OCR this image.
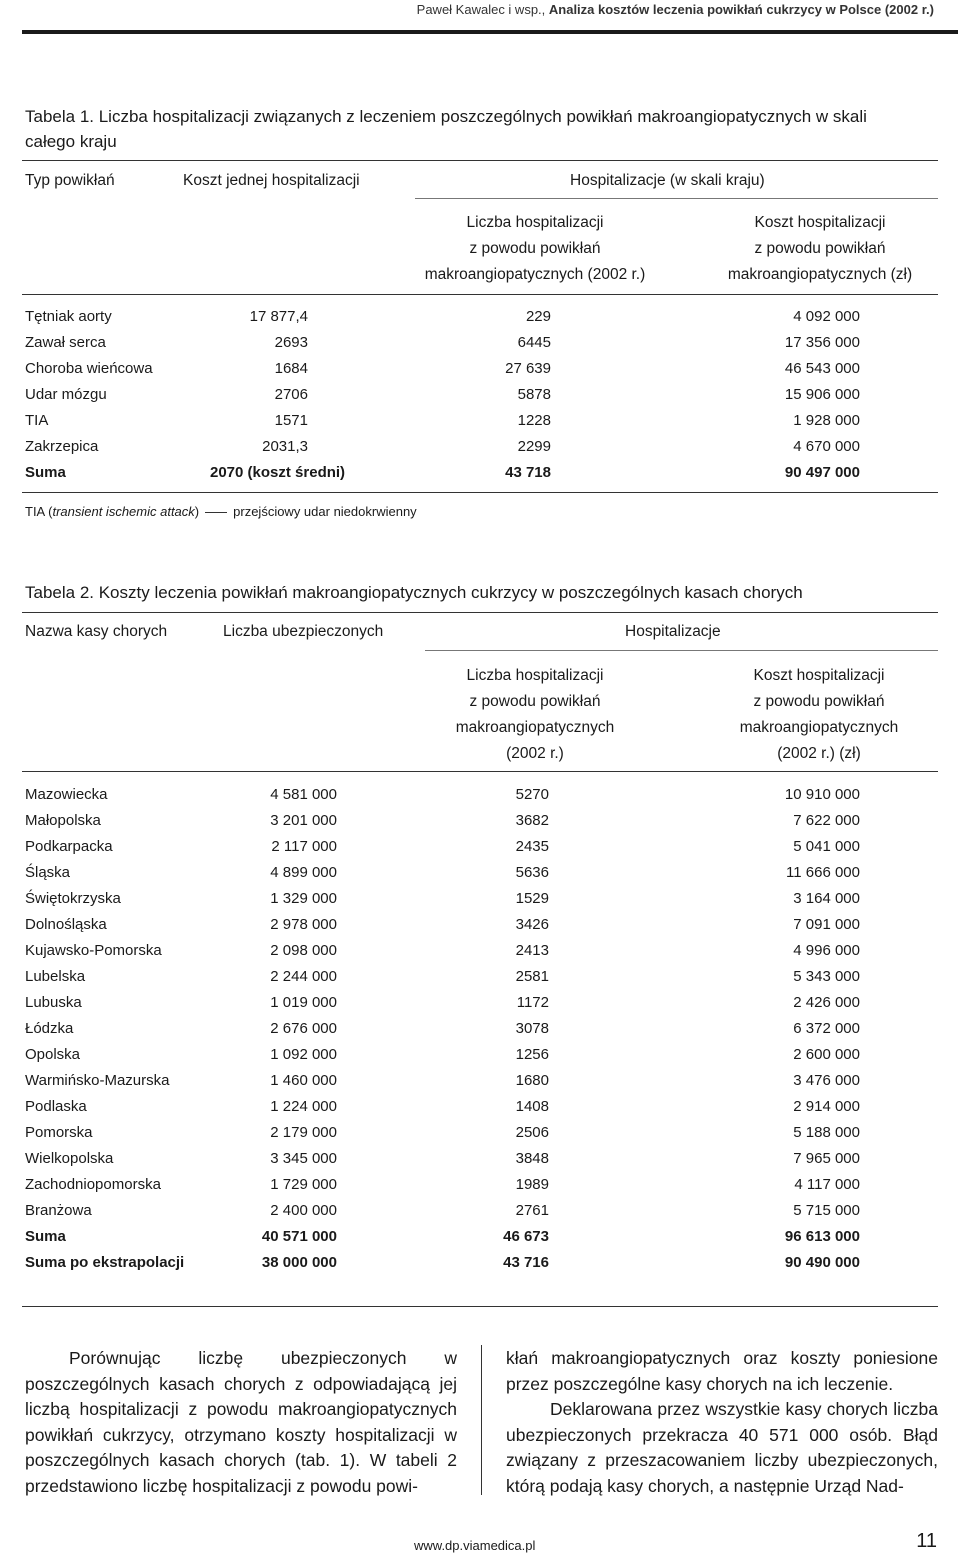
Paweł Kawalec i wsp., Analiza kosztów leczenia powikłań cukrzycy w Polsce (2002 r.)
Tabela 1. Liczba hospitalizacji związanych z leczeniem poszczególnych powikłań makroangiopatycznych w skali
całego kraju
Typ powikłań	Koszt jednej hospitalizacji	Hospitalizacje (w skali kraju)
Liczba hospitalizacji
z powodu powikłań
makroangiopatycznych (2002 r.)
Koszt hospitalizacji
z powodu powikłań
makroangiopatycznych (zł)
Tętniak aorty	17 877,4	229	4 092 000
Zawał serca	2693	6445	17 356 000
Choroba wieńcowa	1684	27 639	46 543 000
Udar mózgu	2706	5878	15 906 000
TIA	1571	1228	1 928 000
Zakrzepica	2031,3	2299	4 670 000
Suma	2070 (koszt średni)	43 718	90 497 000
TIA (transient ischemic attack)	przejściowy udar niedokrwienny
Tabela 2. Koszty leczenia powikłań makroangiopatycznych cukrzycy w poszczególnych kasach chorych
Nazwa kasy chorych	Liczba ubezpieczonych	Hospitalizacje
Liczba hospitalizacji
z powodu powikłań
makroangiopatycznych
(2002 r.)
Koszt hospitalizacji
z powodu powikłań
makroangiopatycznych
(2002 r.) (zł)
Mazowiecka	4 581 000	5270	10 910 000
Małopolska	3 201 000	3682	7 622 000
Podkarpacka	2 117 000	2435	5 041 000
Śląska	4 899 000	5636	11 666 000
Świętokrzyska	1 329 000	1529	3 164 000
Dolnośląska	2 978 000	3426	7 091 000
Kujawsko-Pomorska	2 098 000	2413	4 996 000
Lubelska	2 244 000	2581	5 343 000
Lubuska	1 019 000	1172	2 426 000
Łódzka	2 676 000	3078	6 372 000
Opolska	1 092 000	1256	2 600 000
Warmińsko-Mazurska	1 460 000	1680	3 476 000
Podlaska	1 224 000	1408	2 914 000
Pomorska	2 179 000	2506	5 188 000
Wielkopolska	3 345 000	3848	7 965 000
Zachodniopomorska	1 729 000	1989	4 117 000
Branżowa	2 400 000	2761	5 715 000
Suma	40 571 000	46 673	96 613 000
Suma po ekstrapolacji	38 000 000	43 716	90 490 000
Porównując liczbę ubezpieczonych w poszczególnych kasach chorych z odpowiadającą jej liczbą hospitalizacji z powodu makroangiopatycznych powikłań cukrzycy, otrzymano koszty hospitalizacji w poszczególnych kasach chorych (tab. 1). W tabeli 2 przedstawiono liczbę hospitalizacji z powodu powi-
kłań makroangiopatycznych oraz koszty poniesione przez poszczególne kasy chorych na ich leczenie.
Deklarowana przez wszystkie kasy chorych liczba ubezpieczonych przekracza 40 571 000 osób. Błąd związany z przeszacowaniem liczby ubezpieczonych, którą podają kasy chorych, a następnie Urząd Nad-
www.dp.viamedica.pl	11
